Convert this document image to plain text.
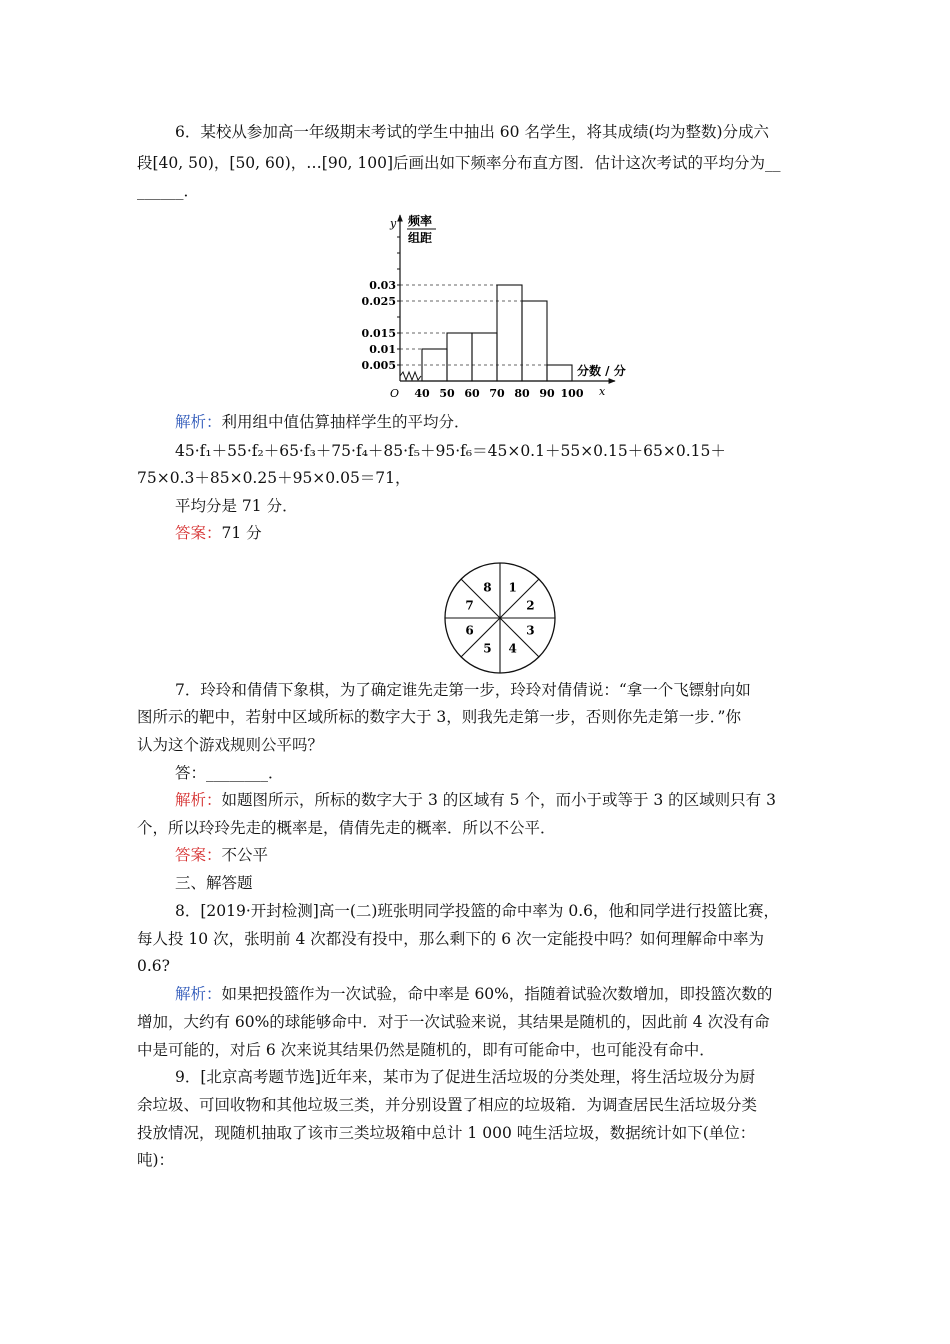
6．某校从参加高一年级期末考试的学生中抽出 60 名学生，将其成绩(均为整数)分成六
段[40, 50)，[50, 60)，…[90, 100]后画出如下频率分布直方图．估计这次考试的平均分为__
______．
0.005
0.01
0.015
0.025
0.03
40 50 60 70 80 90 100
y 频率
组距
分数 / 分
O	x
解析：利用组中值估算抽样学生的平均分．
45·f₁＋55·f₂＋65·f₃＋75·f₄＋85·f₅＋95·f₆＝45×0.1＋55×0.15＋65×0.15＋
75×0.3＋85×0.25＋95×0.05＝71，
平均分是 71 分．
答案：71 分
1
2
3
4
5
6
7
8
7．玲玲和倩倩下象棋，为了确定谁先走第一步，玲玲对倩倩说：“拿一个飞镖射向如
图所示的靶中，若射中区域所标的数字大于 3，则我先走第一步，否则你先走第一步．”你
认为这个游戏规则公平吗？
答：________．
解析：如题图所示，所标的数字大于 3 的区域有 5 个，而小于或等于 3 的区域则只有 3
个，所以玲玲先走的概率是，倩倩先走的概率．所以不公平．
答案：不公平
三、解答题
8．[2019·开封检测]高一(二)班张明同学投篮的命中率为 0.6，他和同学进行投篮比赛，
每人投 10 次，张明前 4 次都没有投中，那么剩下的 6 次一定能投中吗？如何理解命中率为
0.6?
解析：如果把投篮作为一次试验，命中率是 60%，指随着试验次数增加，即投篮次数的
增加，大约有 60%的球能够命中．对于一次试验来说，其结果是随机的，因此前 4 次没有命
中是可能的，对后 6 次来说其结果仍然是随机的，即有可能命中，也可能没有命中．
9．[北京高考题节选]近年来，某市为了促进生活垃圾的分类处理，将生活垃圾分为厨
余垃圾、可回收物和其他垃圾三类，并分别设置了相应的垃圾箱．为调查居民生活垃圾分类
投放情况，现随机抽取了该市三类垃圾箱中总计 1 000 吨生活垃圾，数据统计如下(单位：
吨)：
